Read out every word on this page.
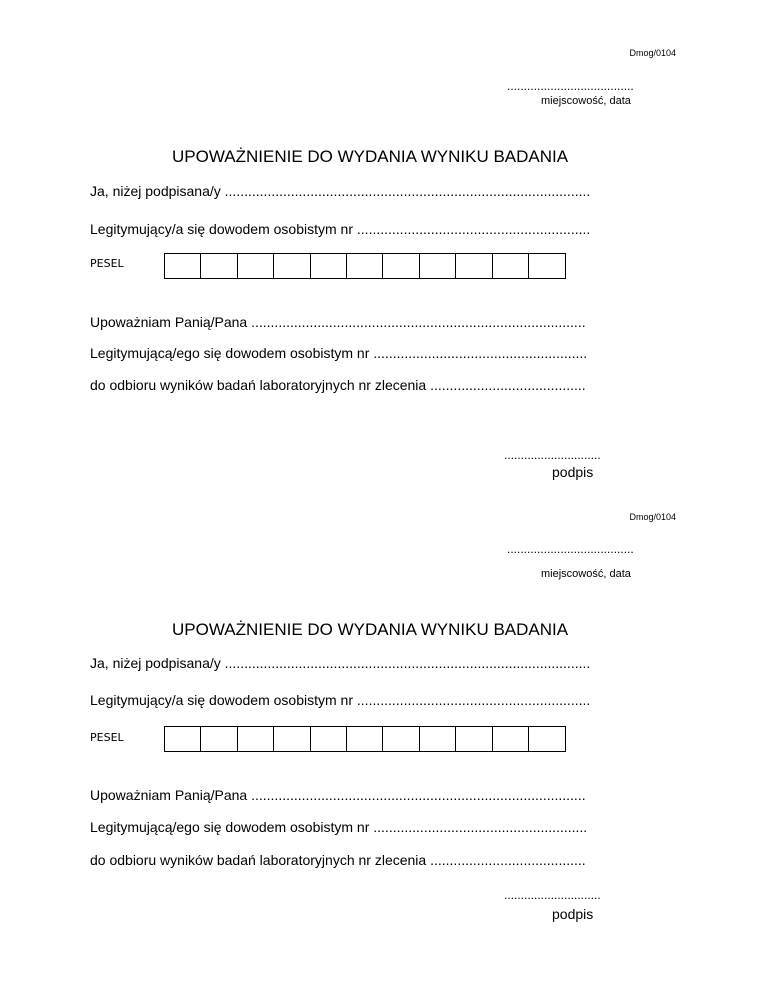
Dmog/0104
......................................
miejscowość, data
UPOWAŻNIENIE DO WYDANIA WYNIKU BADANIA
Ja, niżej podpisana/y ..............................................................................................
Legitymujący/a się dowodem osobistym nr ............................................................
PESEL
Upoważniam Panią/Pana ......................................................................................
Legitymującą/ego się dowodem osobistym nr .......................................................
do odbioru wyników badań laboratoryjnych nr zlecenia ........................................
.............................
podpis
Dmog/0104
......................................
miejscowość, data
UPOWAŻNIENIE DO WYDANIA WYNIKU BADANIA
Ja, niżej podpisana/y ..............................................................................................
Legitymujący/a się dowodem osobistym nr ............................................................
PESEL
Upoważniam Panią/Pana ......................................................................................
Legitymującą/ego się dowodem osobistym nr .......................................................
do odbioru wyników badań laboratoryjnych nr zlecenia ........................................
.............................
podpis
